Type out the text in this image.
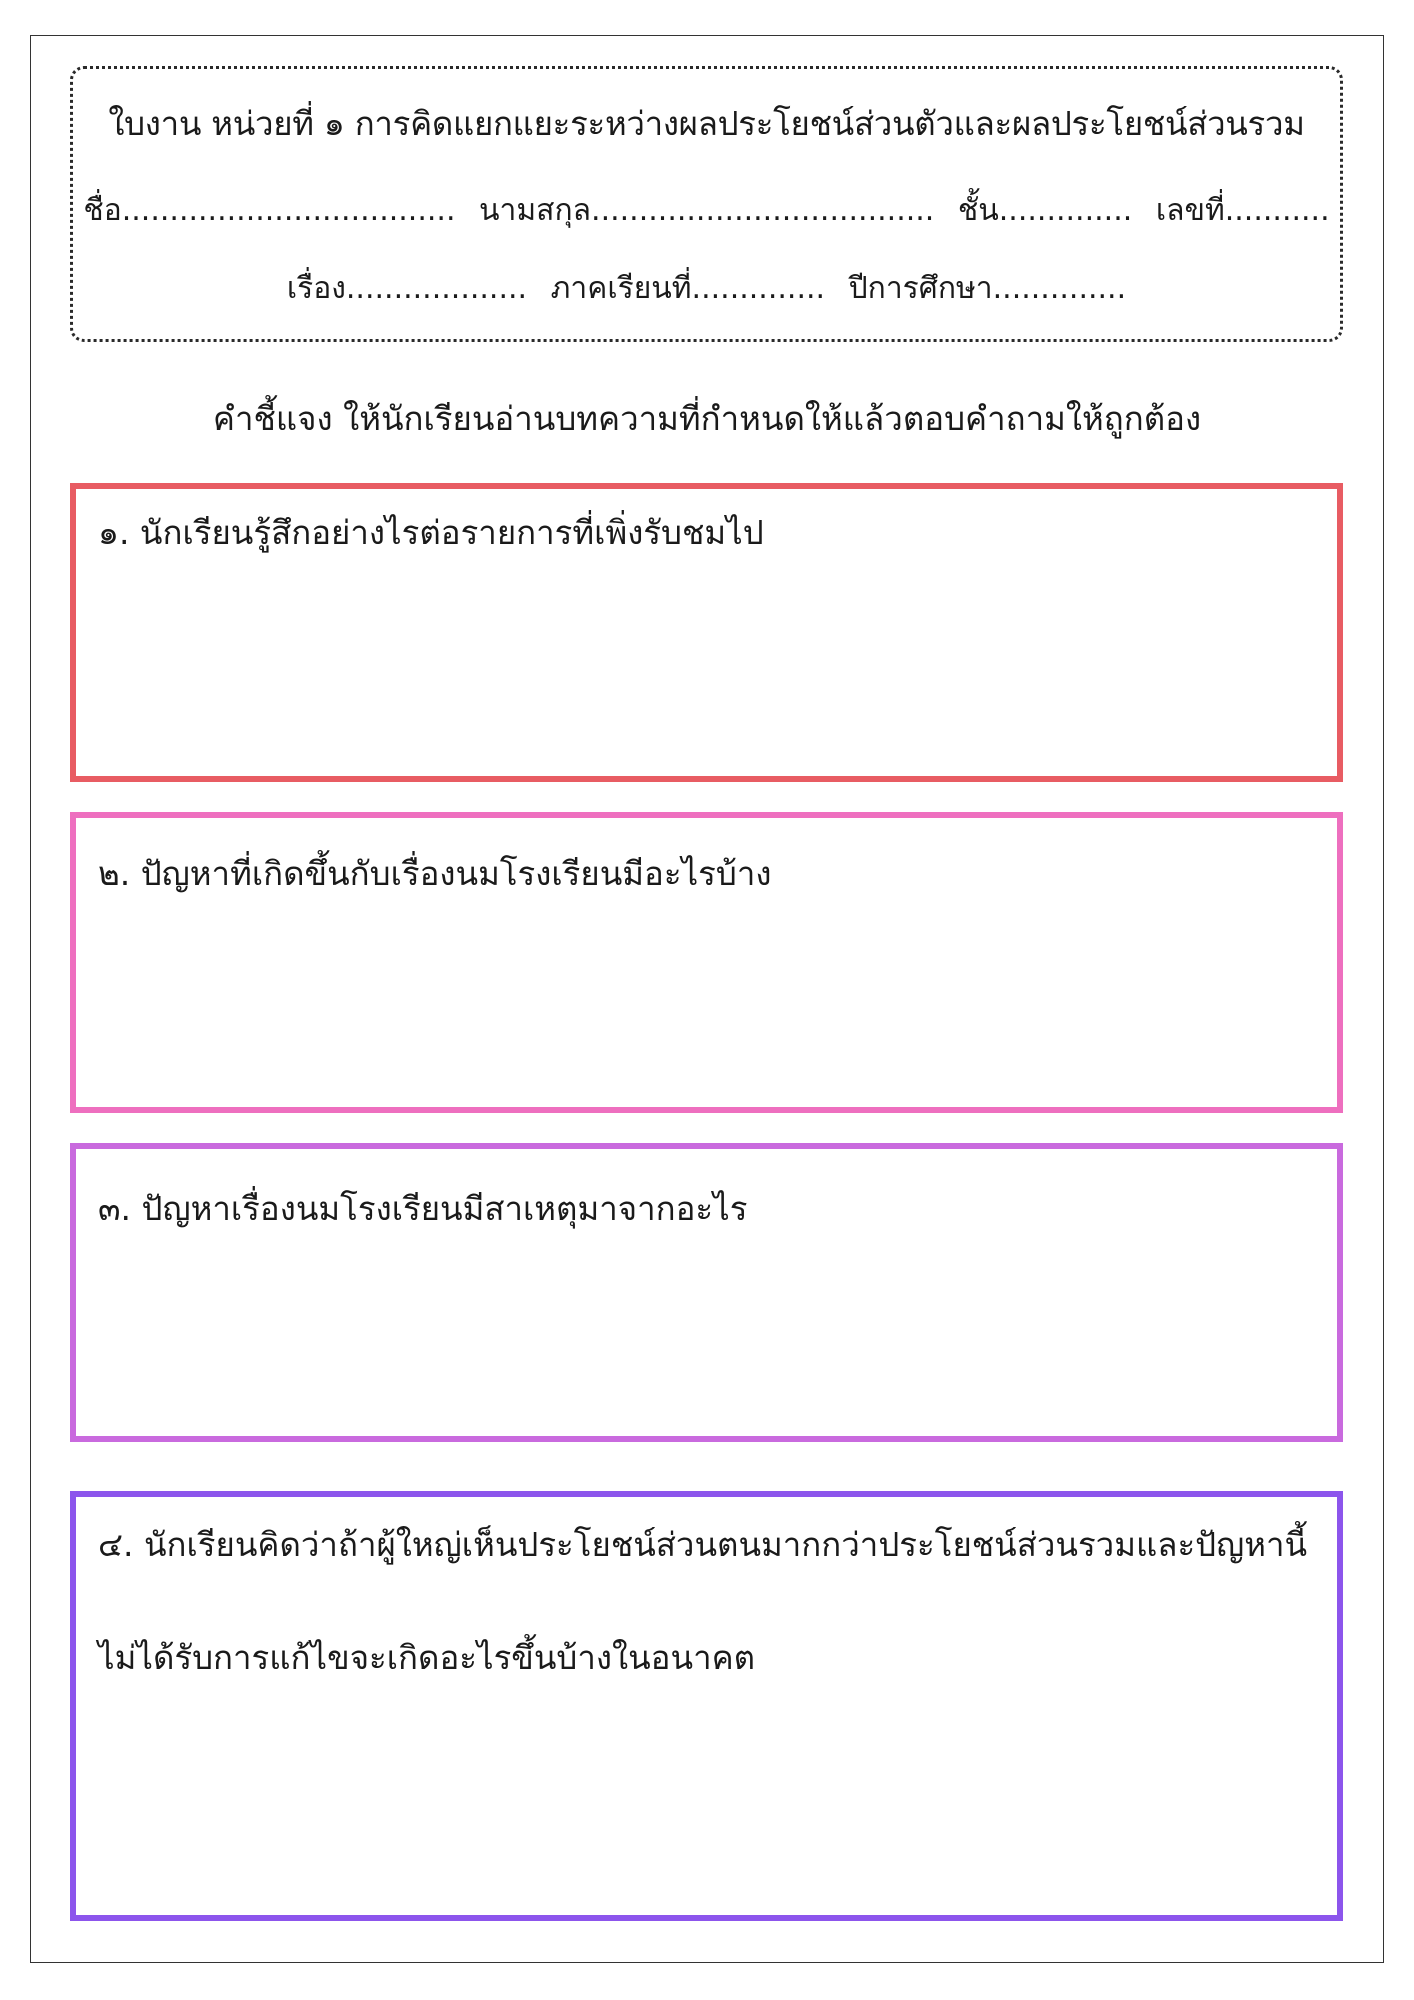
ใบงาน หน่วยที่ ๑ การคิดแยกแยะระหว่างผลประโยชน์ส่วนตัวและผลประโยชน์ส่วนรวม
ชื่อ................................... นามสกุล.................................... ชั้น.............. เลขที่...........
เรื่อง................... ภาคเรียนที่.............. ปีการศึกษา..............
คำชี้แจง ให้นักเรียนอ่านบทความที่กำหนดให้แล้วตอบคำถามให้ถูกต้อง
๑. นักเรียนรู้สึกอย่างไรต่อรายการที่เพิ่งรับชมไป
๒. ปัญหาที่เกิดขึ้นกับเรื่องนมโรงเรียนมีอะไรบ้าง
๓. ปัญหาเรื่องนมโรงเรียนมีสาเหตุมาจากอะไร
๔. นักเรียนคิดว่าถ้าผู้ใหญ่เห็นประโยชน์ส่วนตนมากกว่าประโยชน์ส่วนรวมและปัญหานี้
ไม่ได้รับการแก้ไขจะเกิดอะไรขึ้นบ้างในอนาคต
